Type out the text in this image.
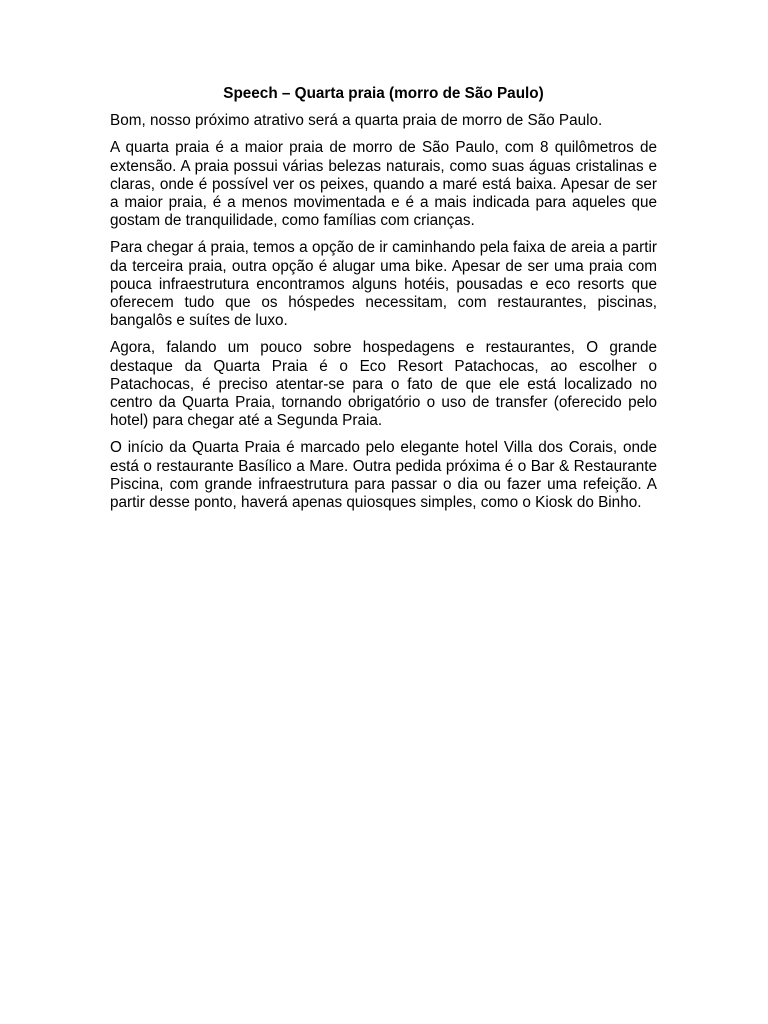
Speech – Quarta praia (morro de São Paulo)

Bom, nosso próximo atrativo será a quarta praia de morro de São Paulo.

A quarta praia é a maior praia de morro de São Paulo, com 8 quilômetros de extensão. A praia possui várias belezas naturais, como suas águas cristalinas e claras, onde é possível ver os peixes, quando a maré está baixa. Apesar de ser a maior praia, é a menos movimentada e é a mais indicada para aqueles que gostam de tranquilidade, como famílias com crianças.

Para chegar á praia, temos a opção de ir caminhando pela faixa de areia a partir da terceira praia, outra opção é alugar uma bike. Apesar de ser uma praia com pouca infraestrutura encontramos alguns hotéis, pousadas e eco resorts que oferecem tudo que os hóspedes necessitam, com restaurantes, piscinas, bangalôs e suítes de luxo.

Agora, falando um pouco sobre hospedagens e restaurantes, O grande destaque da Quarta Praia é o Eco Resort Patachocas, ao escolher o Patachocas, é preciso atentar-se para o fato de que ele está localizado no centro da Quarta Praia, tornando obrigatório o uso de transfer (oferecido pelo hotel) para chegar até a Segunda Praia.

O início da Quarta Praia é marcado pelo elegante hotel Villa dos Corais, onde está o restaurante Basílico a Mare. Outra pedida próxima é o Bar & Restaurante Piscina, com grande infraestrutura para passar o dia ou fazer uma refeição. A partir desse ponto, haverá apenas quiosques simples, como o Kiosk do Binho.
